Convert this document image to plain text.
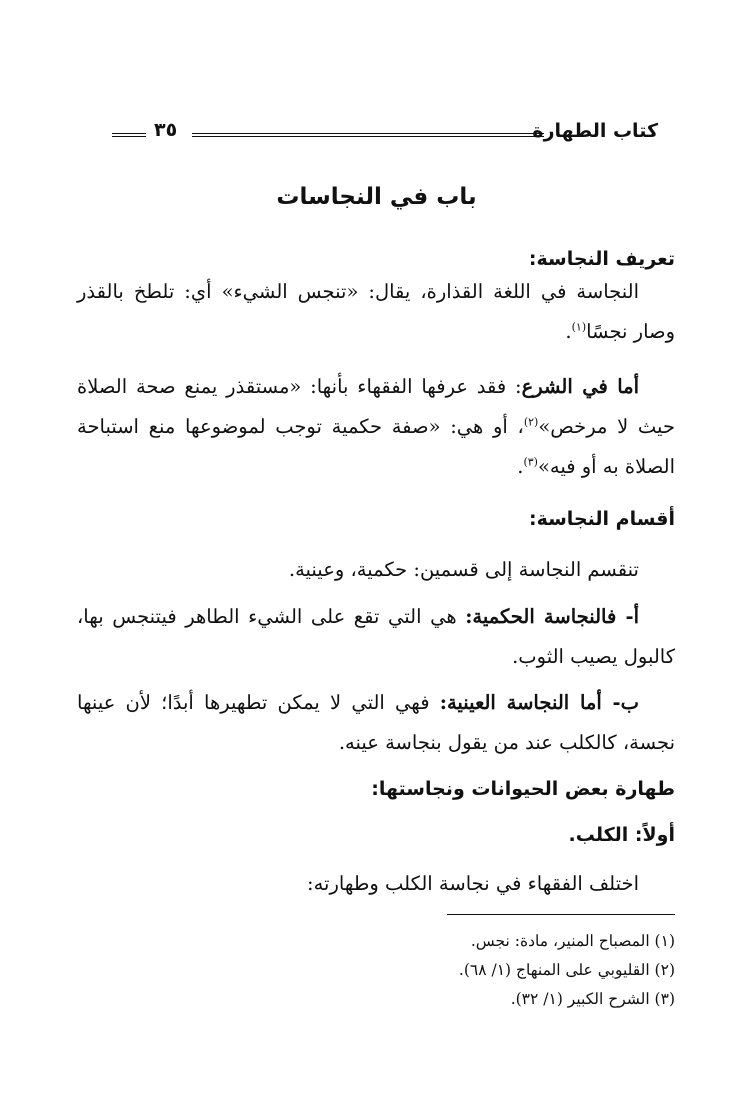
٣٥	كتاب الطهارة
باب في النجاسات
تعريف النجاسة:

النجاسة في اللغة القذارة، يقال: «تنجس الشيء» أي: تلطخ بالقذر وصار نجسًا$^{(١)}$.

أما في الشرع: فقد عرفها الفقهاء بأنها: «مستقذر يمنع صحة الصلاة حيث لا مرخص»$^{(٢)}$، أو هي: «صفة حكمية توجب لموضوعها منع استباحة الصلاة به أو فيه»$^{(٣)}$.

أقسام النجاسة:

تنقسم النجاسة إلى قسمين: حكمية، وعينية.

أ- فالنجاسة الحكمية: هي التي تقع على الشيء الطاهر فيتنجس بها، كالبول يصيب الثوب.

ب- أما النجاسة العينية: فهي التي لا يمكن تطهيرها أبدًا؛ لأن عينها نجسة، كالكلب عند من يقول بنجاسة عينه.

طهارة بعض الحيوانات ونجاستها:
أولاً: الكلب.

اختلف الفقهاء في نجاسة الكلب وطهارته:

(١) المصباح المنير، مادة: نجس.
(٢) القليوبي على المنهاج (١/ ٦٨).
(٣) الشرح الكبير (١/ ٣٢).
